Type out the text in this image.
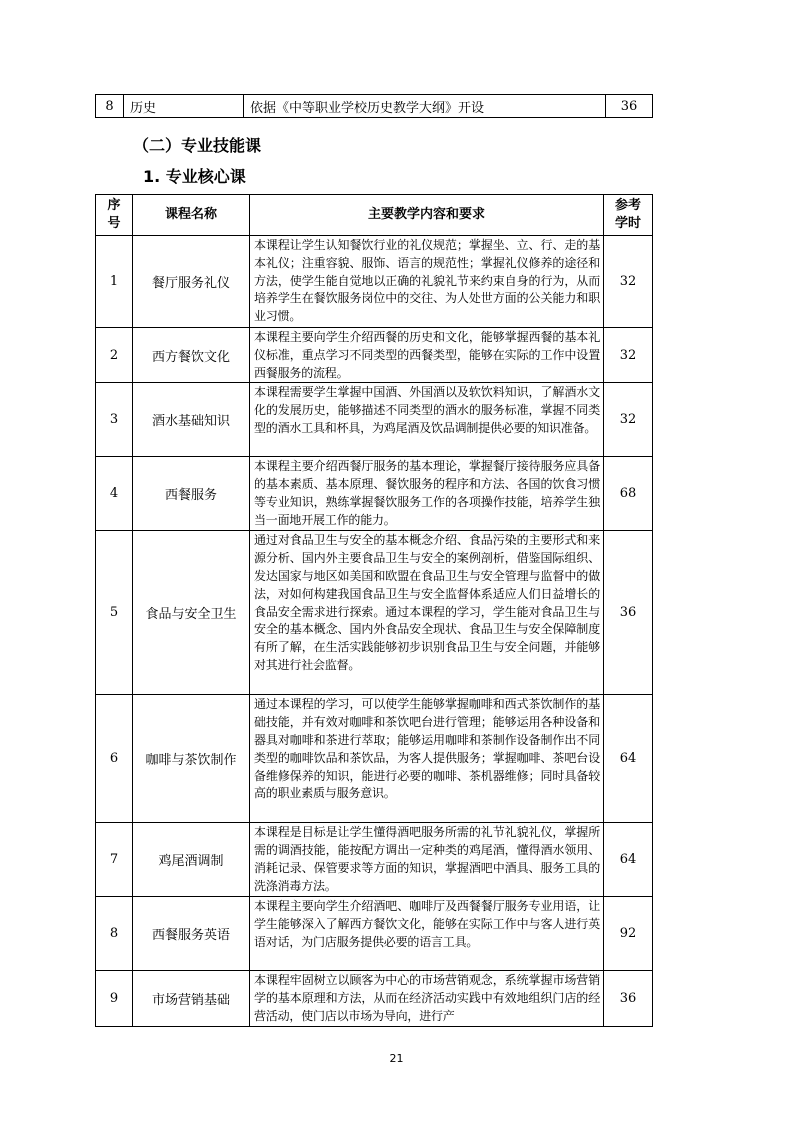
8	历史	依据《中等职业学校历史教学大纲》开设	36
（二）专业技能课
1. 专业核心课
序号	课程名称	主要教学内容和要求	参考学时
1	餐厅服务礼仪	本课程让学生认知餐饮行业的礼仪规范；掌握坐、立、行、走的基本礼仪；注重容貌、服饰、语言的规范性；掌握礼仪修养的途径和方法，使学生能自觉地以正确的礼貌礼节来约束自身的行为，从而培养学生在餐饮服务岗位中的交往、为人处世方面的公关能力和职业习惯。	32
2	西方餐饮文化	本课程主要向学生介绍西餐的历史和文化，能够掌握西餐的基本礼仪标准，重点学习不同类型的西餐类型，能够在实际的工作中设置西餐服务的流程。	32
3	酒水基础知识	本课程需要学生掌握中国酒、外国酒以及软饮料知识，了解酒水文化的发展历史，能够描述不同类型的酒水的服务标准，掌握不同类型的酒水工具和杯具，为鸡尾酒及饮品调制提供必要的知识准备。	32
4	西餐服务	本课程主要介绍西餐厅服务的基本理论，掌握餐厅接待服务应具备的基本素质、基本原理、餐饮服务的程序和方法、各国的饮食习惯等专业知识，熟练掌握餐饮服务工作的各项操作技能，培养学生独当一面地开展工作的能力。	68
5	食品与安全卫生	通过对食品卫生与安全的基本概念介绍、食品污染的主要形式和来源分析、国内外主要食品卫生与安全的案例剖析，借鉴国际组织、发达国家与地区如美国和欧盟在食品卫生与安全管理与监督中的做法，对如何构建我国食品卫生与安全监督体系适应人们日益增长的食品安全需求进行探索。通过本课程的学习，学生能对食品卫生与安全的基本概念、国内外食品安全现状、食品卫生与安全保障制度有所了解，在生活实践能够初步识别食品卫生与安全问题，并能够对其进行社会监督。	36
6	咖啡与茶饮制作	通过本课程的学习，可以使学生能够掌握咖啡和西式茶饮制作的基础技能，并有效对咖啡和茶饮吧台进行管理；能够运用各种设备和器具对咖啡和茶进行萃取；能够运用咖啡和茶制作设备制作出不同类型的咖啡饮品和茶饮品，为客人提供服务；掌握咖啡、茶吧台设备维修保养的知识，能进行必要的咖啡、茶机器维修；同时具备较高的职业素质与服务意识。	64
7	鸡尾酒调制	本课程是目标是让学生懂得酒吧服务所需的礼节礼貌礼仪，掌握所需的调酒技能，能按配方调出一定种类的鸡尾酒，懂得酒水领用、消耗记录、保管要求等方面的知识，掌握酒吧中酒具、服务工具的洗涤消毒方法。	64
8	西餐服务英语	本课程主要向学生介绍酒吧、咖啡厅及西餐餐厅服务专业用语，让学生能够深入了解西方餐饮文化，能够在实际工作中与客人进行英语对话，为门店服务提供必要的语言工具。	92
9	市场营销基础	本课程牢固树立以顾客为中心的市场营销观念，系统掌握市场营销学的基本原理和方法，从而在经济活动实践中有效地组织门店的经营活动，使门店以市场为导向，进行产	36
21
